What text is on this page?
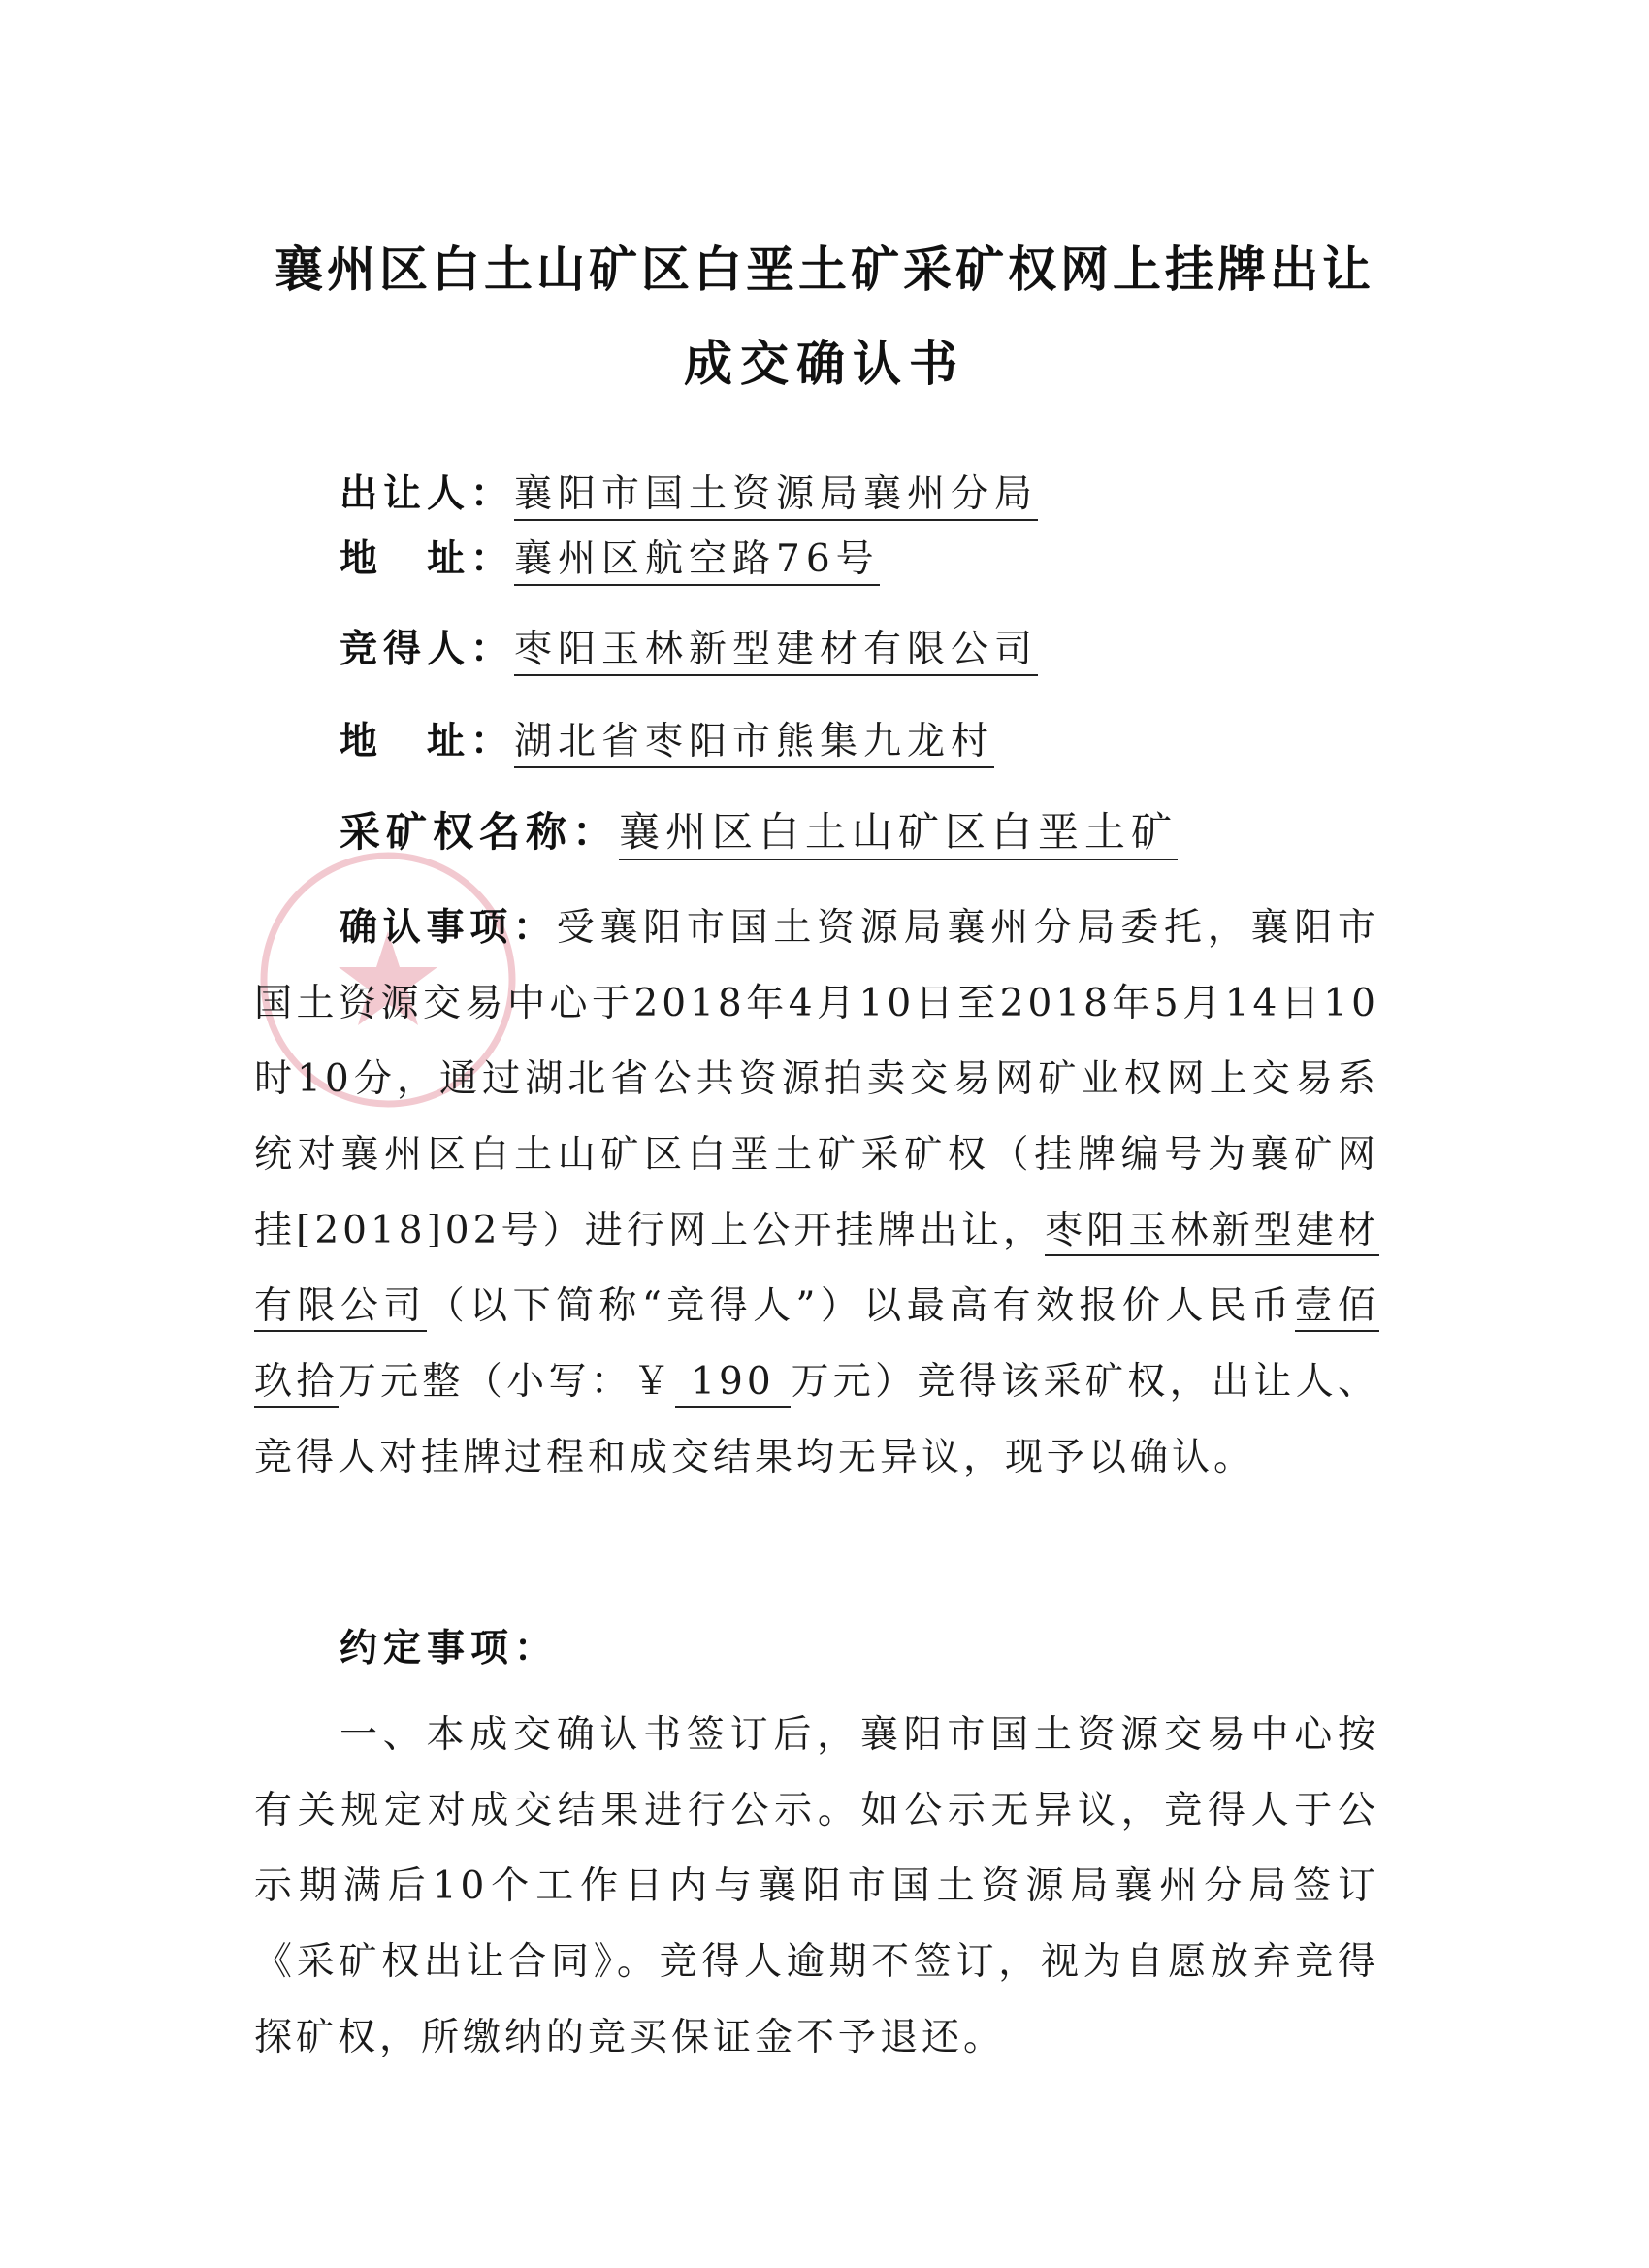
襄州区白土山矿区白垩土矿采矿权网上挂牌出让
成交确认书
出让人：襄阳市国土资源局襄州分局
地　址：襄州区航空路76号
竞得人：枣阳玉林新型建材有限公司
地　址：湖北省枣阳市熊集九龙村
采矿权名称：襄州区白土山矿区白垩土矿
确认事项：受襄阳市国土资源局襄州分局委托，襄阳市国土资源交易中心于2018年4月10日至2018年5月14日10时10分，通过湖北省公共资源拍卖交易网矿业权网上交易系统对襄州区白土山矿区白垩土矿采矿权（挂牌编号为襄矿网挂[2018]02号）进行网上公开挂牌出让，枣阳玉林新型建材有限公司（以下简称“竞得人”）以最高有效报价人民币壹佰玖拾万元整（小写：￥ 190 万元）竞得该采矿权，出让人、竞得人对挂牌过程和成交结果均无异议，现予以确认。
约定事项：
一、本成交确认书签订后，襄阳市国土资源交易中心按有关规定对成交结果进行公示。如公示无异议，竞得人于公示期满后10个工作日内与襄阳市国土资源局襄州分局签订《采矿权出让合同》。竞得人逾期不签订，视为自愿放弃竞得探矿权，所缴纳的竞买保证金不予退还。
